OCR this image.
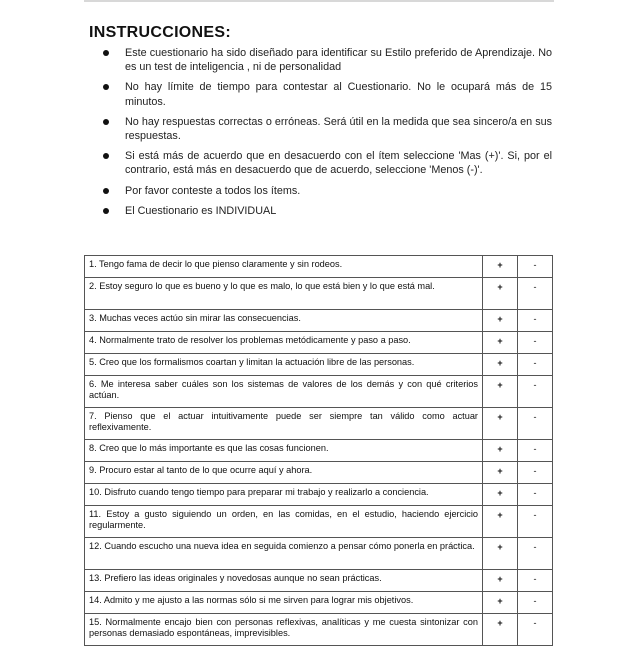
INSTRUCCIONES:
Este cuestionario ha sido diseñado para identificar su Estilo preferido de Aprendizaje. No es un test de inteligencia , ni de personalidad
No hay límite de tiempo para contestar al Cuestionario. No le ocupará más de 15 minutos.
No hay respuestas correctas o erróneas. Será útil en la medida que sea sincero/a en sus respuestas.
Si está más de acuerdo que en desacuerdo con el ítem seleccione 'Mas (+)'. Si, por el contrario, está más en desacuerdo que de acuerdo, seleccione 'Menos (-)'.
Por favor conteste a todos los ítems.
El Cuestionario es INDIVIDUAL
1. Tengo fama de decir lo que pienso claramente y sin rodeos.	+	-
2. Estoy seguro lo que es bueno y lo que es malo, lo que está bien y lo que está mal.	+	-
3. Muchas veces actúo sin mirar las consecuencias.	+	-
4. Normalmente trato de resolver los problemas metódicamente y paso a paso.	+	-
5. Creo que los formalismos coartan y limitan la actuación libre de las personas.	+	-
6. Me interesa saber cuáles son los sistemas de valores de los demás y con qué criterios actúan.	+	-
7. Pienso que el actuar intuitivamente puede ser siempre tan válido como actuar reflexivamente.	+	-
8. Creo que lo más importante es que las cosas funcionen.	+	-
9. Procuro estar al tanto de lo que ocurre aquí y ahora.	+	-
10. Disfruto cuando tengo tiempo para preparar mi trabajo y realizarlo a conciencia.	+	-
11. Estoy a gusto siguiendo un orden, en las comidas, en el estudio, haciendo ejercicio regularmente.	+	-
12. Cuando escucho una nueva idea en seguida comienzo a pensar cómo ponerla en práctica.	+	-
13. Prefiero las ideas originales y novedosas aunque no sean prácticas.	+	-
14. Admito y me ajusto a las normas sólo si me sirven para lograr mis objetivos.	+	-
15. Normalmente encajo bien con personas reflexivas, analíticas y me cuesta sintonizar con personas demasiado espontáneas, imprevisibles.	+	-
